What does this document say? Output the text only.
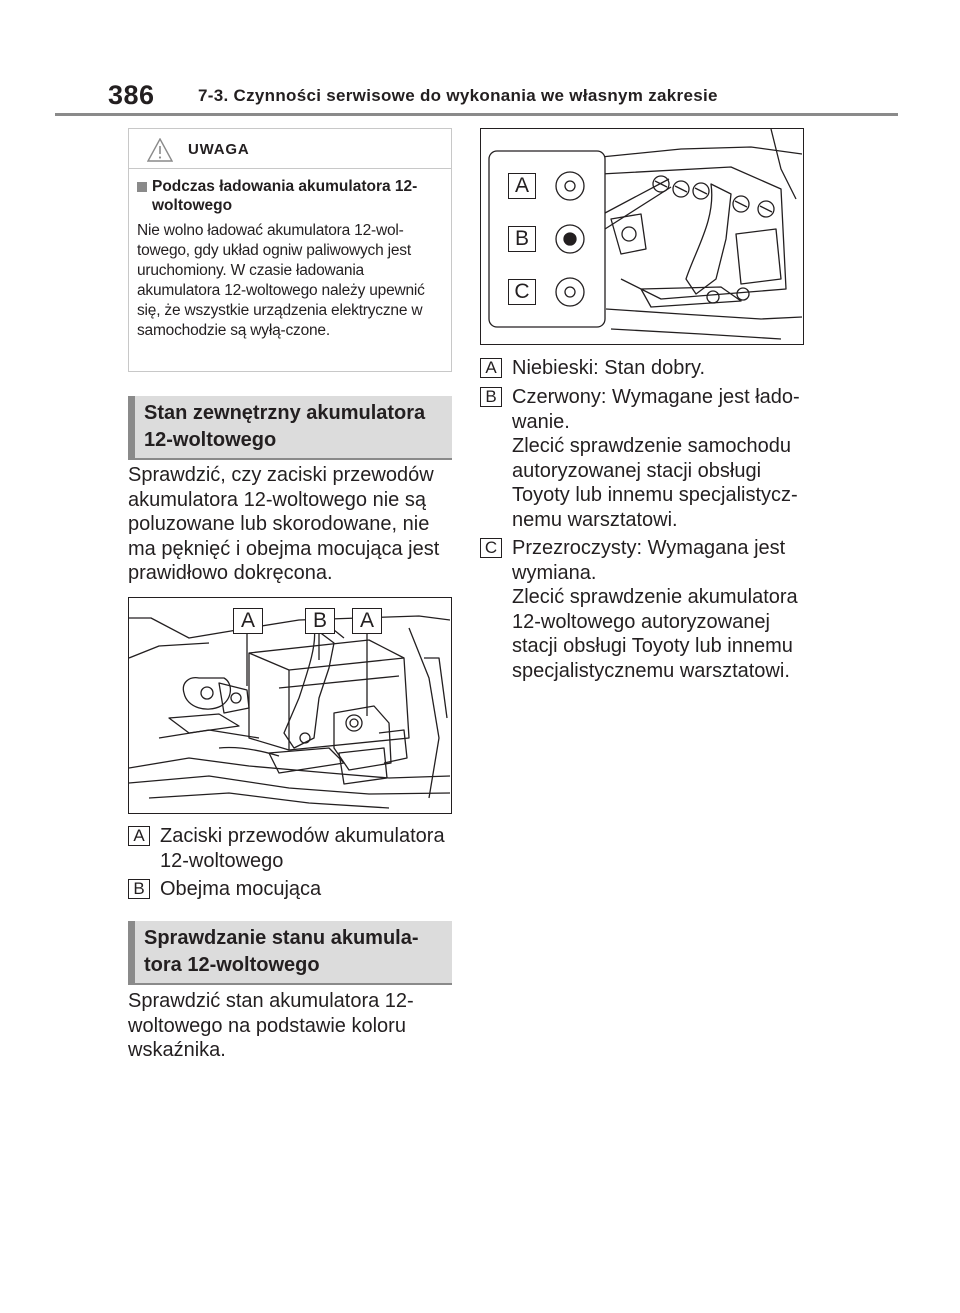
386	7-3. Czynności serwisowe do wykonania we własnym zakresie
UWAGA
Podczas ładowania akumulatora 12-woltowego
Nie wolno ładować akumulatora 12-wol-towego, gdy układ ogniw paliwowych jest uruchomiony. W czasie ładowania akumulatora 12-woltowego należy upewnić się, że wszystkie urządzenia elektryczne w samochodzie są wyłą-czone.
Stan zewnętrzny akumulatora 12-woltowego
Sprawdzić, czy zaciski przewodów akumulatora 12-woltowego nie są poluzowane lub skorodowane, nie ma pęknięć i obejma mocująca jest prawidłowo dokręcona.
A	B	A
A Zaciski przewodów akumulatora 12-woltowego
B Obejma mocująca
Sprawdzanie stanu akumula-tora 12-woltowego
Sprawdzić stan akumulatora 12-woltowego na podstawie koloru wskaźnika.
A
B
C
A Niebieski: Stan dobry.
B Czerwony: Wymagane jest łado-wanie.
Zlecić sprawdzenie samochodu autoryzowanej stacji obsługi Toyoty lub innemu specjalistycz-nemu warsztatowi.
C Przezroczysty: Wymagana jest wymiana.
Zlecić sprawdzenie akumulatora 12-woltowego autoryzowanej stacji obsługi Toyoty lub innemu specjalistycznemu warsztatowi.
